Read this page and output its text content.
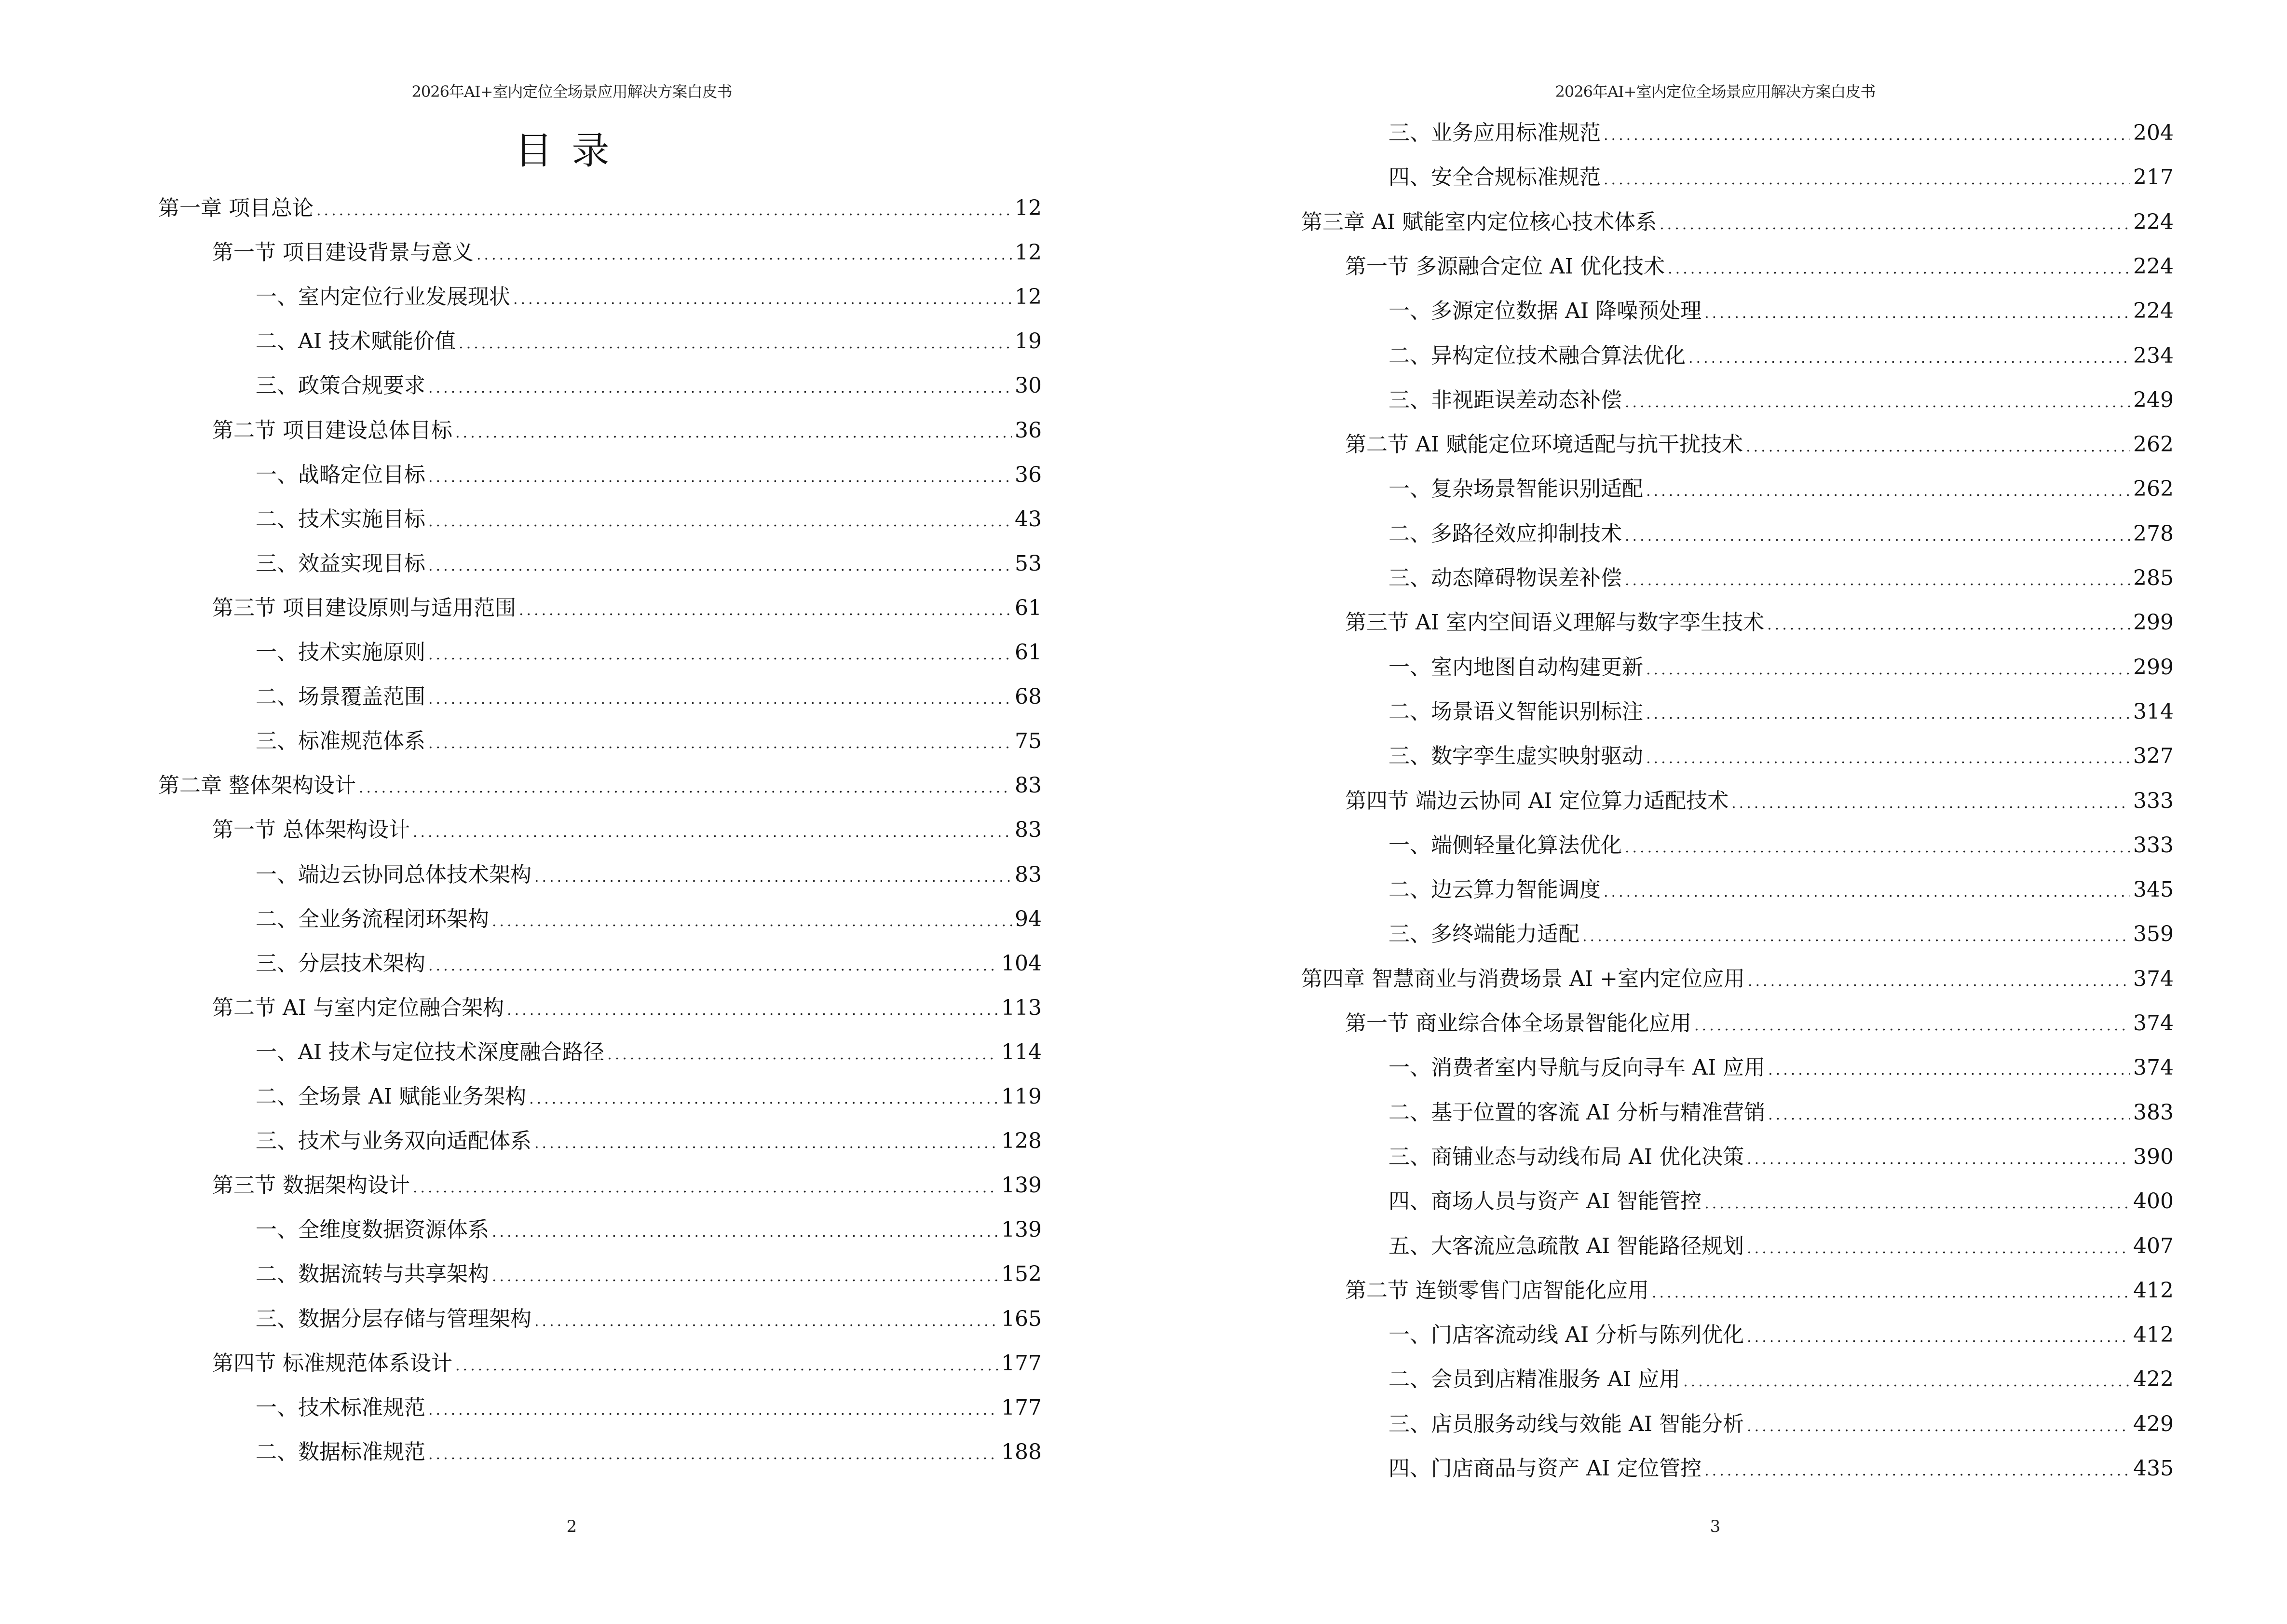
2026年AI+室内定位全场景应用解决方案白皮书
目录
第一章 项目总论 .....	12
第一节 项目建设背景与意义 .....	12
一、室内定位行业发展现状 .....	12
二、AI 技术赋能价值 .....	19
三、政策合规要求 .....	30
第二节 项目建设总体目标 .....	36
一、战略定位目标 .....	36
二、技术实施目标 .....	43
三、效益实现目标 .....	53
第三节 项目建设原则与适用范围 .....	61
一、技术实施原则 .....	61
二、场景覆盖范围 .....	68
三、标准规范体系 .....	75
第二章 整体架构设计 .....	83
第一节 总体架构设计 .....	83
一、端边云协同总体技术架构 .....	83
二、全业务流程闭环架构 .....	94
三、分层技术架构 .....	104
第二节 AI 与室内定位融合架构 .....	113
一、AI 技术与定位技术深度融合路径 .....	114
二、全场景 AI 赋能业务架构 .....	119
三、技术与业务双向适配体系 .....	128
第三节 数据架构设计 .....	139
一、全维度数据资源体系 .....	139
二、数据流转与共享架构 .....	152
三、数据分层存储与管理架构 .....	165
第四节 标准规范体系设计 .....	177
一、技术标准规范 .....	177
二、数据标准规范 .....	188
2
2026年AI+室内定位全场景应用解决方案白皮书
三、业务应用标准规范 .....	204
四、安全合规标准规范 .....	217
第三章 AI 赋能室内定位核心技术体系 .....	224
第一节 多源融合定位 AI 优化技术 .....	224
一、多源定位数据 AI 降噪预处理 .....	224
二、异构定位技术融合算法优化 .....	234
三、非视距误差动态补偿 .....	249
第二节 AI 赋能定位环境适配与抗干扰技术 .....	262
一、复杂场景智能识别适配 .....	262
二、多路径效应抑制技术 .....	278
三、动态障碍物误差补偿 .....	285
第三节 AI 室内空间语义理解与数字孪生技术 .....	299
一、室内地图自动构建更新 .....	299
二、场景语义智能识别标注 .....	314
三、数字孪生虚实映射驱动 .....	327
第四节 端边云协同 AI 定位算力适配技术 .....	333
一、端侧轻量化算法优化 .....	333
二、边云算力智能调度 .....	345
三、多终端能力适配 .....	359
第四章 智慧商业与消费场景 AI +室内定位应用 .....	374
第一节 商业综合体全场景智能化应用 .....	374
一、消费者室内导航与反向寻车 AI 应用 .....	374
二、基于位置的客流 AI 分析与精准营销 .....	383
三、商铺业态与动线布局 AI 优化决策 .....	390
四、商场人员与资产 AI 智能管控 .....	400
五、大客流应急疏散 AI 智能路径规划 .....	407
第二节 连锁零售门店智能化应用 .....	412
一、门店客流动线 AI 分析与陈列优化 .....	412
二、会员到店精准服务 AI 应用 .....	422
三、店员服务动线与效能 AI 智能分析 .....	429
四、门店商品与资产 AI 定位管控 .....	435
3
